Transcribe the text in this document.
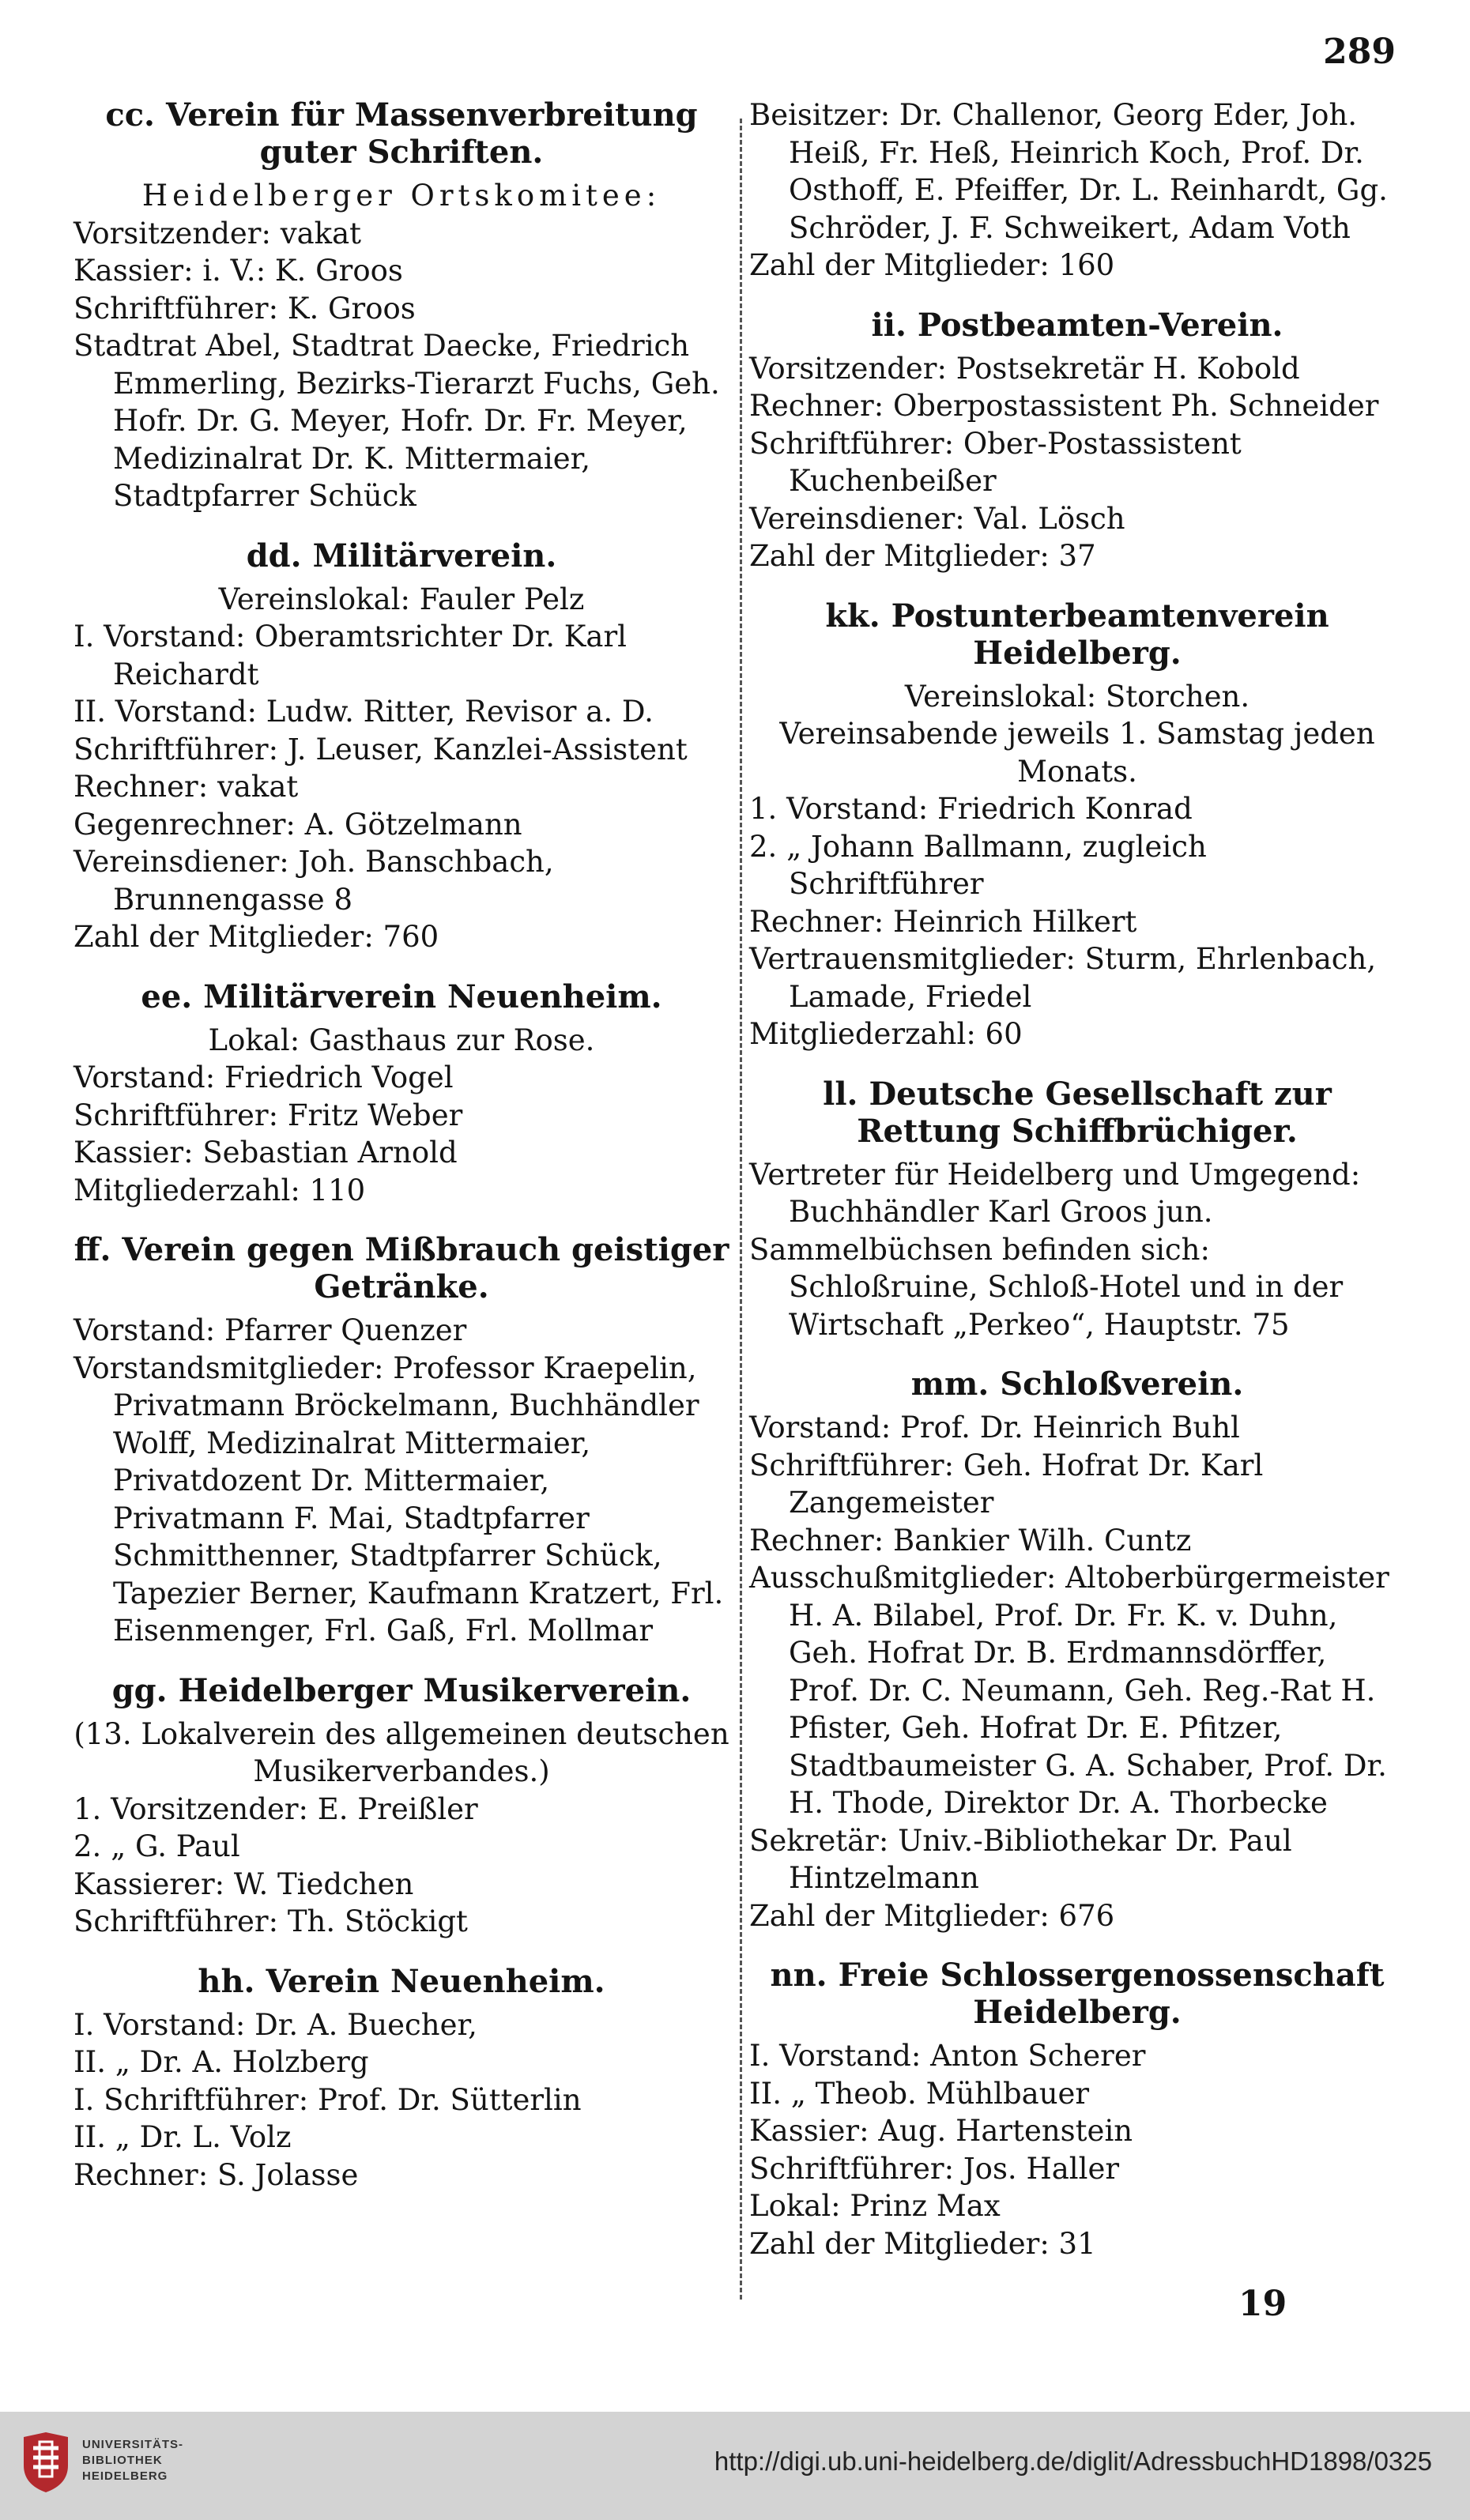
289
cc. Verein für Massenverbreitung guter Schriften.

Heidelberger Ortskomitee:

Vorsitzender: vakat

Kassier: i. V.: K. Groos

Schriftführer: K. Groos

Stadtrat Abel, Stadtrat Daecke, Friedrich Emmerling, Bezirks-Tierarzt Fuchs, Geh. Hofr. Dr. G. Meyer, Hofr. Dr. Fr. Meyer, Medizinalrat Dr. K. Mittermaier, Stadtpfarrer Schück

dd. Militärverein.

Vereinslokal: Fauler Pelz

I. Vorstand: Oberamtsrichter Dr. Karl Reichardt

II. Vorstand: Ludw. Ritter, Revisor a. D.

Schriftführer: J. Leuser, Kanzlei-Assistent

Rechner: vakat

Gegenrechner: A. Götzelmann

Vereinsdiener: Joh. Banschbach, Brunnengasse 8

Zahl der Mitglieder: 760

ee. Militärverein Neuenheim.

Lokal: Gasthaus zur Rose.

Vorstand: Friedrich Vogel

Schriftführer: Fritz Weber

Kassier: Sebastian Arnold

Mitgliederzahl: 110

ff. Verein gegen Mißbrauch geistiger Getränke.

Vorstand: Pfarrer Quenzer

Vorstandsmitglieder: Professor Kraepelin, Privatmann Bröckelmann, Buchhändler Wolff, Medizinalrat Mittermaier, Privatdozent Dr. Mittermaier, Privatmann F. Mai, Stadtpfarrer Schmitthenner, Stadtpfarrer Schück, Tapezier Berner, Kaufmann Kratzert, Frl. Eisenmenger, Frl. Gaß, Frl. Mollmar

gg. Heidelberger Musikerverein.

(13. Lokalverein des allgemeinen deutschen Musikerverbandes.)

1. Vorsitzender: E. Preißler

2. „ G. Paul

Kassierer: W. Tiedchen

Schriftführer: Th. Stöckigt

hh. Verein Neuenheim.

I. Vorstand: Dr. A. Buecher,

II. „ Dr. A. Holzberg

I. Schriftführer: Prof. Dr. Sütterlin

II. „ Dr. L. Volz

Rechner: S. Jolasse

Beisitzer: Dr. Challenor, Georg Eder, Joh. Heiß, Fr. Heß, Heinrich Koch, Prof. Dr. Osthoff, E. Pfeiffer, Dr. L. Reinhardt, Gg. Schröder, J. F. Schweikert, Adam Voth

Zahl der Mitglieder: 160

ii. Postbeamten-Verein.

Vorsitzender: Postsekretär H. Kobold

Rechner: Oberpostassistent Ph. Schneider

Schriftführer: Ober-Postassistent Kuchenbeißer

Vereinsdiener: Val. Lösch

Zahl der Mitglieder: 37

kk. Postunterbeamtenverein Heidelberg.

Vereinslokal: Storchen.

Vereinsabende jeweils 1. Samstag jeden Monats.

1. Vorstand: Friedrich Konrad

2. „ Johann Ballmann, zugleich Schriftführer

Rechner: Heinrich Hilkert

Vertrauensmitglieder: Sturm, Ehrlenbach, Lamade, Friedel

Mitgliederzahl: 60

ll. Deutsche Gesellschaft zur Rettung Schiffbrüchiger.

Vertreter für Heidelberg und Umgegend: Buchhändler Karl Groos jun.

Sammelbüchsen befinden sich: Schloßruine, Schloß-Hotel und in der Wirtschaft „Perkeo“, Hauptstr. 75

mm. Schloßverein.

Vorstand: Prof. Dr. Heinrich Buhl

Schriftführer: Geh. Hofrat Dr. Karl Zangemeister

Rechner: Bankier Wilh. Cuntz

Ausschußmitglieder: Altoberbürgermeister H. A. Bilabel, Prof. Dr. Fr. K. v. Duhn, Geh. Hofrat Dr. B. Erdmannsdörffer, Prof. Dr. C. Neumann, Geh. Reg.-Rat H. Pfister, Geh. Hofrat Dr. E. Pfitzer, Stadtbaumeister G. A. Schaber, Prof. Dr. H. Thode, Direktor Dr. A. Thorbecke

Sekretär: Univ.-Bibliothekar Dr. Paul Hintzelmann

Zahl der Mitglieder: 676

nn. Freie Schlossergenossenschaft Heidelberg.

I. Vorstand: Anton Scherer

II. „ Theob. Mühlbauer

Kassier: Aug. Hartenstein

Schriftführer: Jos. Haller

Lokal: Prinz Max

Zahl der Mitglieder: 31

19
UNIVERSITÄTS-
BIBLIOTHEK
HEIDELBERG
http://digi.ub.uni-heidelberg.de/diglit/AdressbuchHD1898/0325
